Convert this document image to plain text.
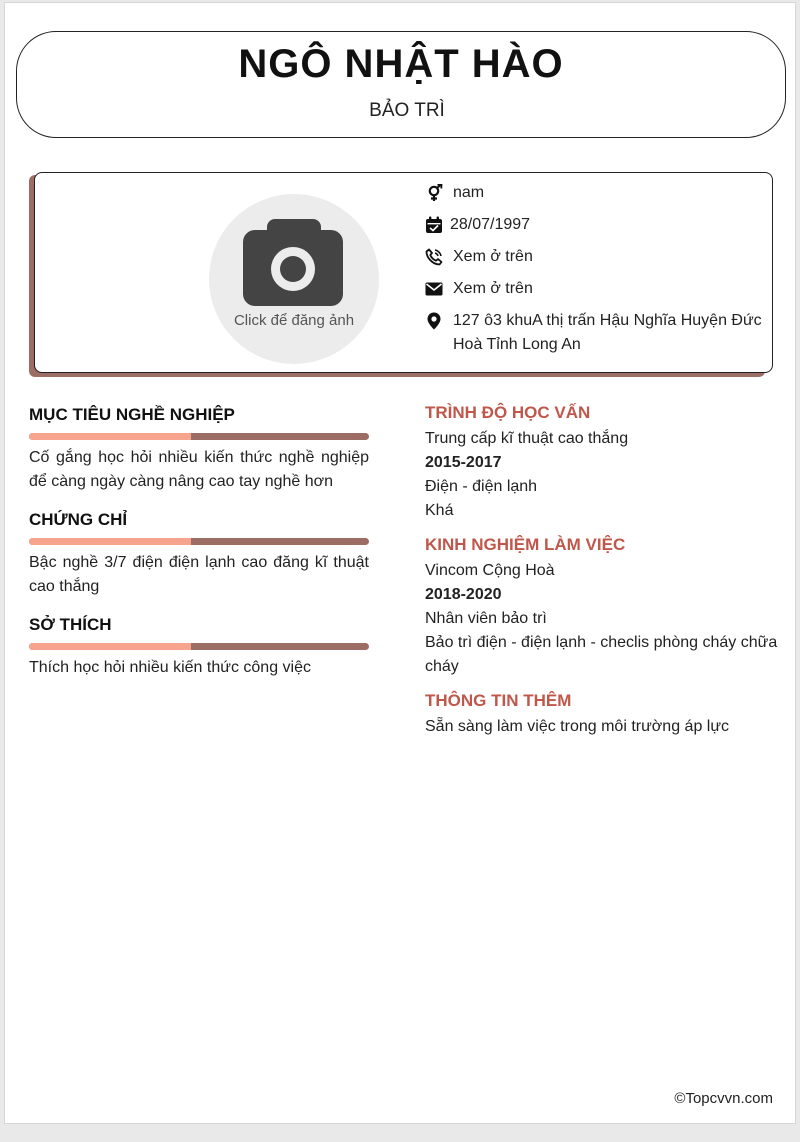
NGÔ NHẬT HÀO
BẢO TRÌ
Click để đăng ảnh
nam
28/07/1997
Xem ở trên
Xem ở trên
127 ô3 khuA thị trấn Hậu Nghĩa Huyện Đức Hoà Tỉnh Long An
MỤC TIÊU NGHỀ NGHIỆP
Cố gắng học hỏi nhiều kiến thức nghề nghiệp để càng ngày càng nâng cao tay nghề hơn
CHỨNG CHỈ
Bậc nghề 3/7 điện điện lạnh cao đăng kĩ thuật cao thắng
SỞ THÍCH
Thích học hỏi nhiều kiến thức công việc
TRÌNH ĐỘ HỌC VẤN
Trung cấp kĩ thuật cao thắng
2015-2017
Điện - điện lạnh
Khá
KINH NGHIỆM LÀM VIỆC
Vincom Cộng Hoà
2018-2020
Nhân viên bảo trì
Bảo trì điện - điện lạnh - checlis phòng cháy chữa cháy
THÔNG TIN THÊM
Sẵn sàng làm việc trong môi trường áp lực
©Topcvvn.com
